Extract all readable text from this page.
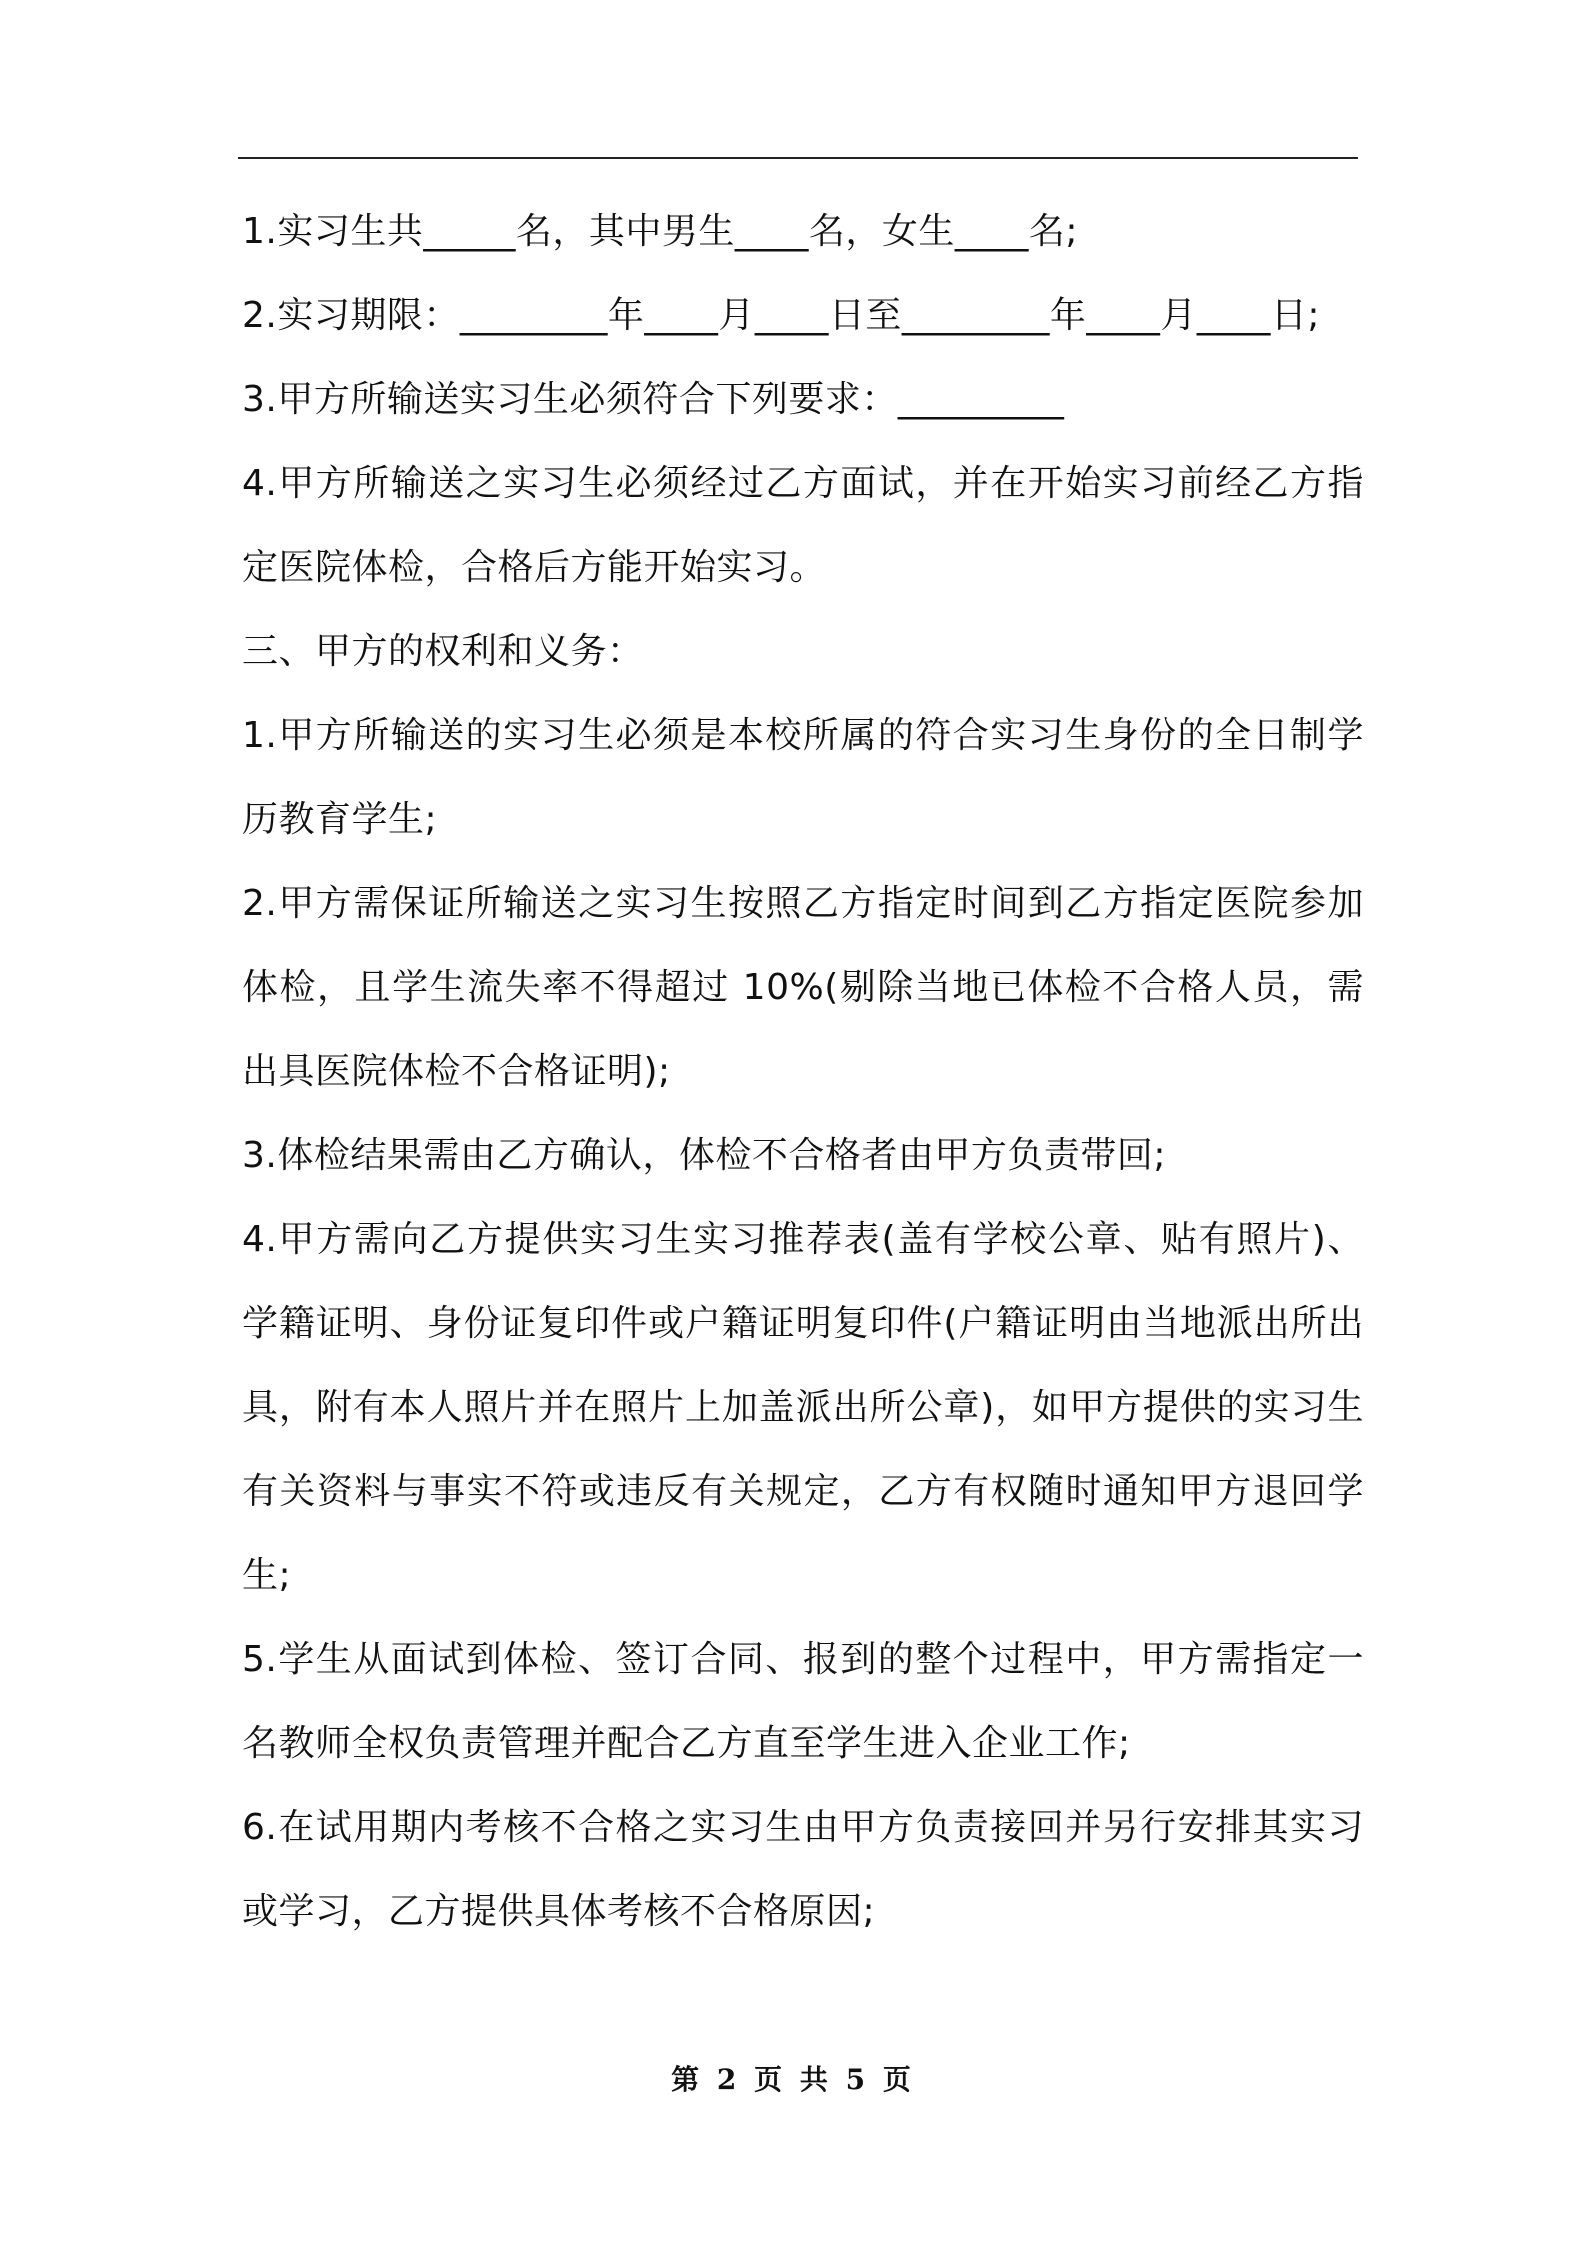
1.实习生共_____名，其中男生____名，女生____名;

2.实习期限：________年____月____日至________年____月____日;

3.甲方所输送实习生必须符合下列要求：_________

4.甲方所输送之实习生必须经过乙方面试，并在开始实习前经乙方指定医院体检，合格后方能开始实习。

三、甲方的权利和义务：

1.甲方所输送的实习生必须是本校所属的符合实习生身份的全日制学历教育学生;

2.甲方需保证所输送之实习生按照乙方指定时间到乙方指定医院参加体检，且学生流失率不得超过 10%(剔除当地已体检不合格人员，需出具医院体检不合格证明);

3.体检结果需由乙方确认，体检不合格者由甲方负责带回;

4.甲方需向乙方提供实习生实习推荐表(盖有学校公章、贴有照片)、学籍证明、身份证复印件或户籍证明复印件(户籍证明由当地派出所出具，附有本人照片并在照片上加盖派出所公章)，如甲方提供的实习生有关资料与事实不符或违反有关规定，乙方有权随时通知甲方退回学生;

5.学生从面试到体检、签订合同、报到的整个过程中，甲方需指定一名教师全权负责管理并配合乙方直至学生进入企业工作;

6.在试用期内考核不合格之实习生由甲方负责接回并另行安排其实习或学习，乙方提供具体考核不合格原因;

第 2 页 共 5 页
